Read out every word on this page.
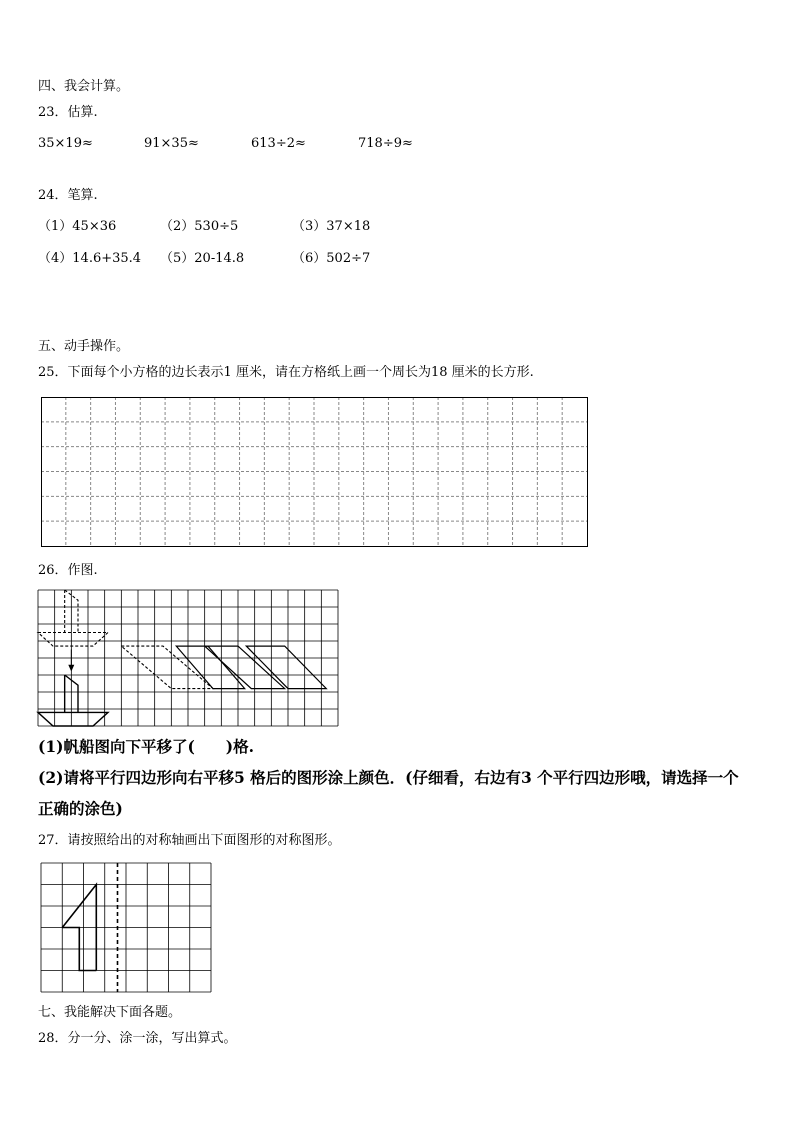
四、我会计算。
23．估算.
35×19≈	91×35≈	613÷2≈	718÷9≈
24．笔算.
（1）45×36	（2）530÷5	（3）37×18
（4）14.6+35.4 （5）20-14.8	（6）502÷7
五、动手操作。
25．下面每个小方格的边长表示1 厘米，请在方格纸上画一个周长为18 厘米的长方形.
26．作图.
(1)帆船图向下平移了(　　)格.
(2)请将平行四边形向右平移5 格后的图形涂上颜色．(仔细看，右边有3 个平行四边形哦，请选择一个
正确的涂色)
27．请按照给出的对称轴画出下面图形的对称图形。
七、我能解决下面各题。
28．分一分、涂一涂，写出算式。
